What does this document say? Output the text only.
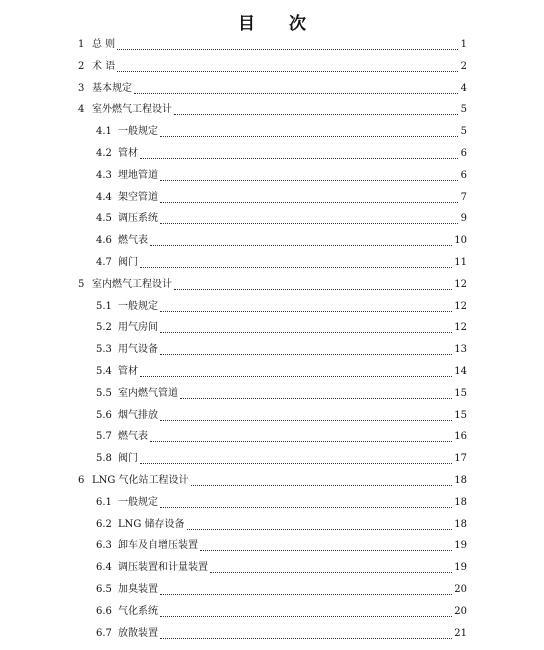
目 次
1 总 则	1
2 术 语	2
3 基本规定	4
4 室外燃气工程设计	5
4.1 一般规定	5
4.2 管材	6
4.3 埋地管道	6
4.4 架空管道	7
4.5 调压系统	9
4.6 燃气表	10
4.7 阀门	11
5 室内燃气工程设计	12
5.1 一般规定	12
5.2 用气房间	12
5.3 用气设备	13
5.4 管材	14
5.5 室内燃气管道	15
5.6 烟气排放	15
5.7 燃气表	16
5.8 阀门	17
6 LNG 气化站工程设计	18
6.1 一般规定	18
6.2 LNG 储存设备	18
6.3 卸车及自增压装置	19
6.4 调压装置和计量装置	19
6.5 加臭装置	20
6.6 气化系统	20
6.7 放散装置	21
